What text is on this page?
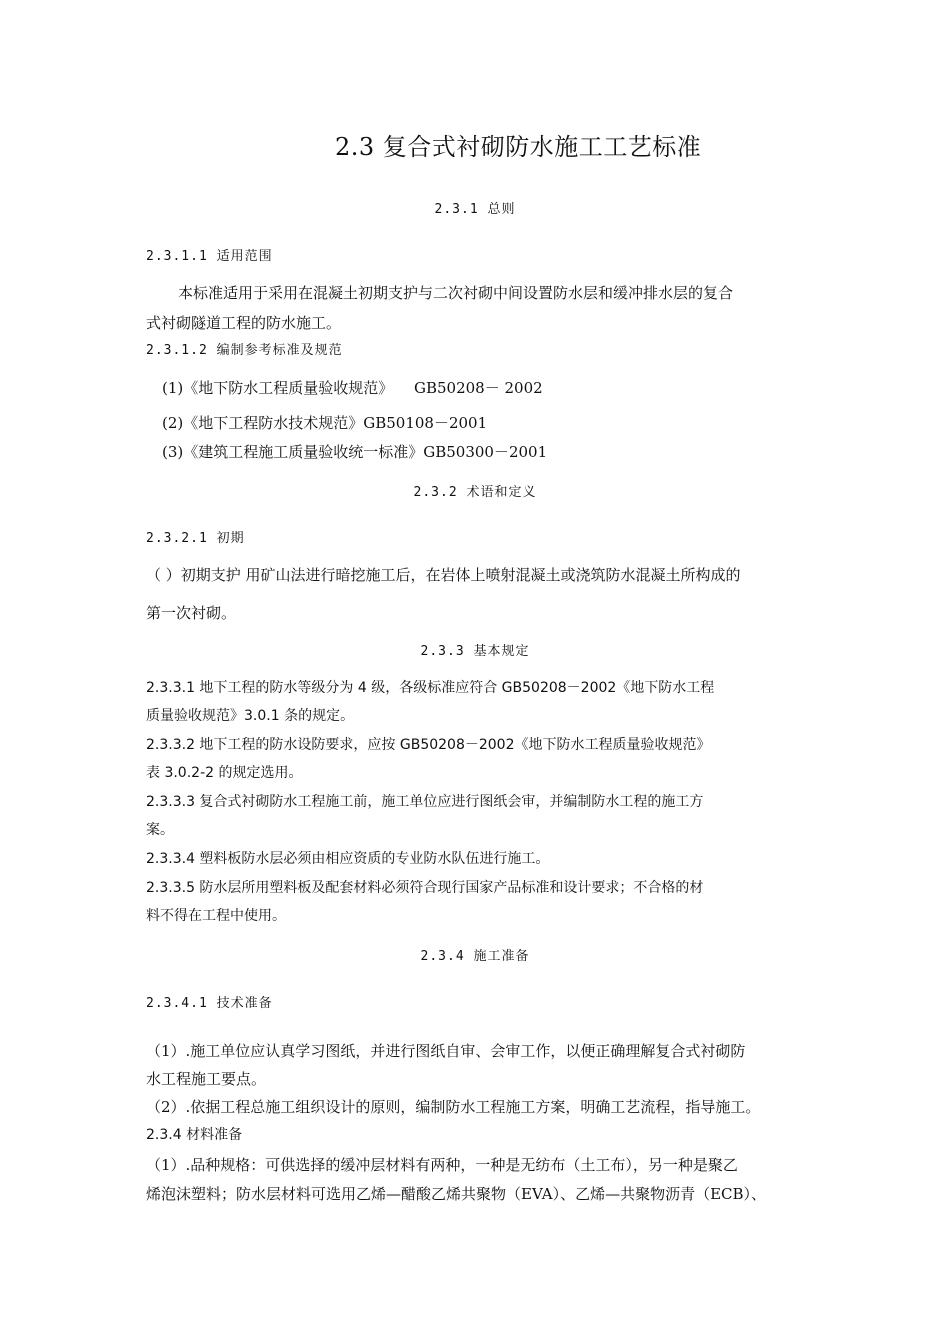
2.3 复合式衬砌防水施工工艺标准
2.3.1 总则
2.3.1.1 适用范围
本标准适用于采用在混凝土初期支护与二次衬砌中间设置防水层和缓冲排水层的复合
式衬砌隧道工程的防水施工。
2.3.1.2 编制参考标准及规范
(1)《地下防水工程质量验收规范》 GB50208－ 2002
(2)《地下工程防水技术规范》GB50108－2001
(3)《建筑工程施工质量验收统一标准》GB50300－2001
2.3.2 术语和定义
2.3.2.1 初期
（ ）初期支护 用矿山法进行暗挖施工后，在岩体上喷射混凝土或浇筑防水混凝土所构成的
第一次衬砌。
2.3.3 基本规定
2.3.3.1 地下工程的防水等级分为 4 级，各级标准应符合 GB50208－2002《地下防水工程
质量验收规范》3.0.1 条的规定。
2.3.3.2 地下工程的防水设防要求，应按 GB50208－2002《地下防水工程质量验收规范》
表 3.0.2-2 的规定选用。
2.3.3.3 复合式衬砌防水工程施工前，施工单位应进行图纸会审，并编制防水工程的施工方
案。
2.3.3.4 塑料板防水层必须由相应资质的专业防水队伍进行施工。
2.3.3.5 防水层所用塑料板及配套材料必须符合现行国家产品标准和设计要求；不合格的材
料不得在工程中使用。
2.3.4 施工准备
2.3.4.1 技术准备
（1）.施工单位应认真学习图纸，并进行图纸自审、会审工作，以便正确理解复合式衬砌防
水工程施工要点。
（2）.依据工程总施工组织设计的原则，编制防水工程施工方案，明确工艺流程，指导施工。
2.3.4 材料准备
（1）.品种规格：可供选择的缓冲层材料有两种，一种是无纺布（土工布），另一种是聚乙
烯泡沫塑料；防水层材料可选用乙烯—醋酸乙烯共聚物（EVA）、乙烯—共聚物沥青（ECB）、
